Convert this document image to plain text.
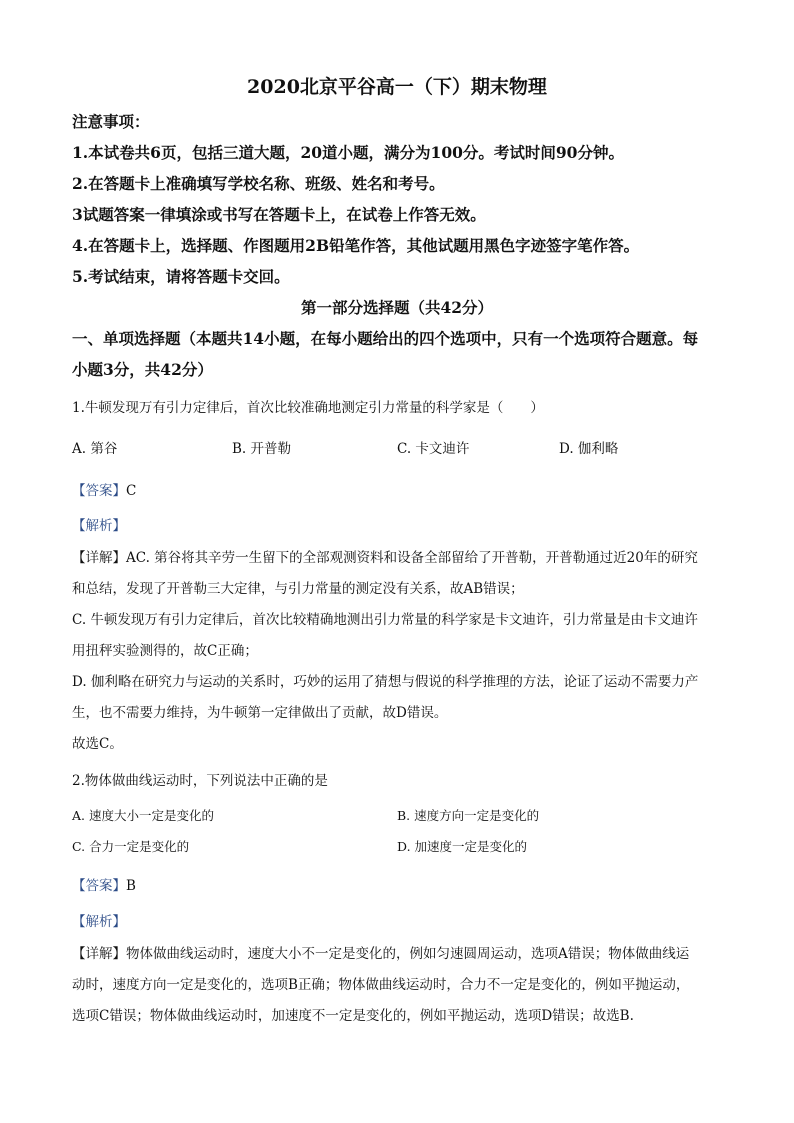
2020北京平谷高一（下）期末物理
注意事项：
1.本试卷共6页，包括三道大题，20道小题，满分为100分。考试时间90分钟。
2.在答题卡上准确填写学校名称、班级、姓名和考号。
3试题答案一律填涂或书写在答题卡上，在试卷上作答无效。
4.在答题卡上，选择题、作图题用2B铅笔作答，其他试题用黑色字迹签字笔作答。
5.考试结束，请将答题卡交回。
第一部分选择题（共42分）
一、单项选择题（本题共14小题，在每小题给出的四个选项中，只有一个选项符合题意。每
小题3分，共42分）
1.牛顿发现万有引力定律后，首次比较准确地测定引力常量的科学家是（　　）
A. 第谷	B. 开普勒	C. 卡文迪许	D. 伽利略
【答案】C
【解析】
【详解】AC. 第谷将其辛劳一生留下的全部观测资料和设备全部留给了开普勒，开普勒通过近20年的研究
和总结，发现了开普勒三大定律，与引力常量的测定没有关系，故AB错误；
C. 牛顿发现万有引力定律后，首次比较精确地测出引力常量的科学家是卡文迪许，引力常量是由卡文迪许
用扭秤实验测得的，故C正确；
D. 伽利略在研究力与运动的关系时，巧妙的运用了猜想与假说的科学推理的方法，论证了运动不需要力产
生，也不需要力维持，为牛顿第一定律做出了贡献，故D错误。
故选C。
2.物体做曲线运动时，下列说法中正确的是
A. 速度大小一定是变化的	B. 速度方向一定是变化的
C. 合力一定是变化的	D. 加速度一定是变化的
【答案】B
【解析】
【详解】物体做曲线运动时，速度大小不一定是变化的，例如匀速圆周运动，选项A错误；物体做曲线运
动时，速度方向一定是变化的，选项B正确；物体做曲线运动时，合力不一定是变化的，例如平抛运动，
选项C错误；物体做曲线运动时，加速度不一定是变化的，例如平抛运动，选项D错误；故选B.
